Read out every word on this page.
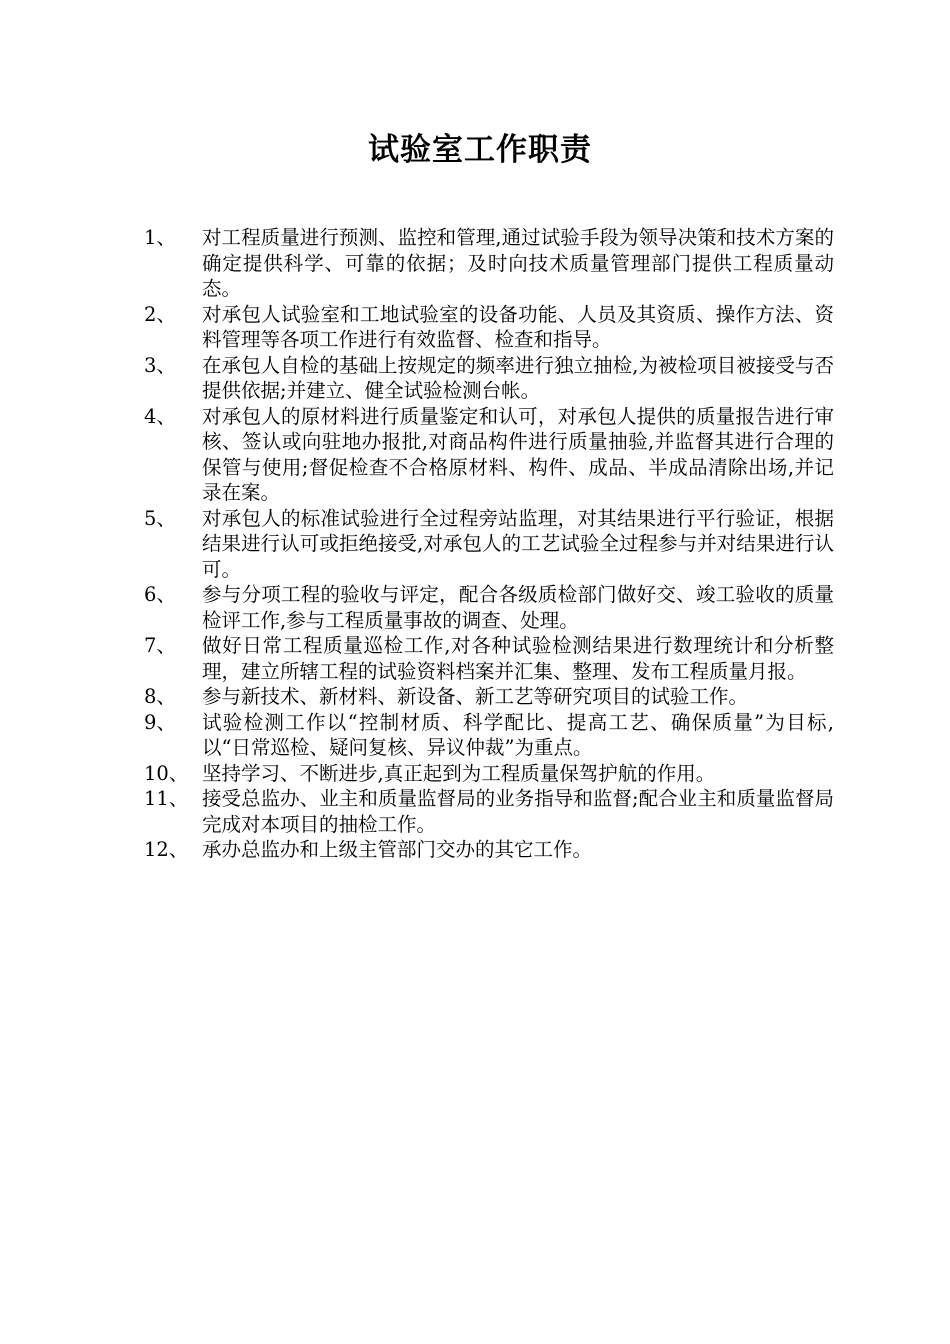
试验室工作职责
1、	对工程质量进行预测、监控和管理,通过试验手段为领导决策和技术方案的确定提供科学、可靠的依据；及时向技术质量管理部门提供工程质量动态。
2、	对承包人试验室和工地试验室的设备功能、人员及其资质、操作方法、资料管理等各项工作进行有效监督、检查和指导。
3、	在承包人自检的基础上按规定的频率进行独立抽检,为被检项目被接受与否提供依据;并建立、健全试验检测台帐。
4、	对承包人的原材料进行质量鉴定和认可，对承包人提供的质量报告进行审核、签认或向驻地办报批,对商品构件进行质量抽验,并监督其进行合理的保管与使用;督促检查不合格原材料、构件、成品、半成品清除出场,并记录在案。
5、	对承包人的标准试验进行全过程旁站监理，对其结果进行平行验证，根据结果进行认可或拒绝接受,对承包人的工艺试验全过程参与并对结果进行认可。
6、	参与分项工程的验收与评定，配合各级质检部门做好交、竣工验收的质量检评工作,参与工程质量事故的调查、处理。
7、	做好日常工程质量巡检工作,对各种试验检测结果进行数理统计和分析整理，建立所辖工程的试验资料档案并汇集、整理、发布工程质量月报。
8、	参与新技术、新材料、新设备、新工艺等研究项目的试验工作。
9、	试验检测工作以“控制材质、科学配比、提高工艺、确保质量”为目标,以“日常巡检、疑问复核、异议仲裁”为重点。
10、 坚持学习、不断进步,真正起到为工程质量保驾护航的作用。
11、 接受总监办、业主和质量监督局的业务指导和监督;配合业主和质量监督局完成对本项目的抽检工作。
12、 承办总监办和上级主管部门交办的其它工作。
